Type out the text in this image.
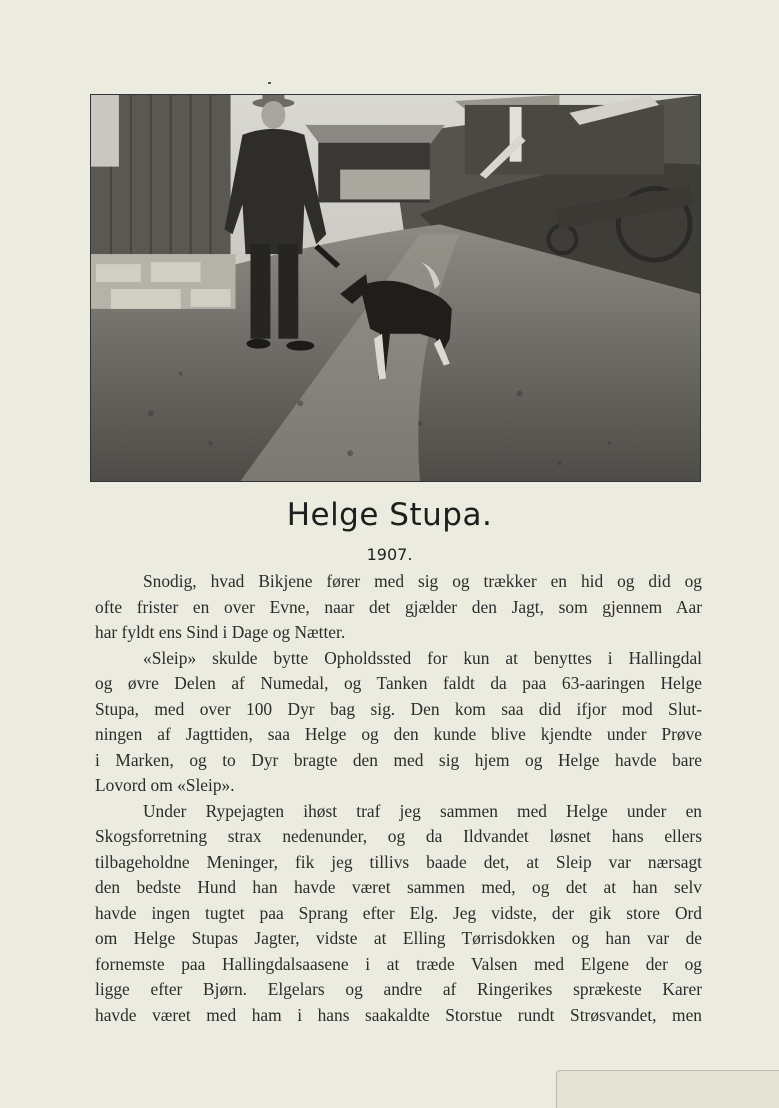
Helge Stupa.
1907.
Snodig, hvad Bikjene fører med sig og trækker en hid og did og
ofte frister en over Evne, naar det gjælder den Jagt, som gjennem Aar
har fyldt ens Sind i Dage og Nætter.
«Sleip» skulde bytte Opholdssted for kun at benyttes i Hallingdal
og øvre Delen af Numedal, og Tanken faldt da paa 63-aaringen Helge
Stupa, med over 100 Dyr bag sig. Den kom saa did ifjor mod Slut-
ningen af Jagttiden, saa Helge og den kunde blive kjendte under Prøve
i Marken, og to Dyr bragte den med sig hjem og Helge havde bare
Lovord om «Sleip».
Under Rypejagten ihøst traf jeg sammen med Helge under en
Skogsforretning strax nedenunder, og da Ildvandet løsnet hans ellers
tilbageholdne Meninger, fik jeg tillivs baade det, at Sleip var nærsagt
den bedste Hund han havde været sammen med, og det at han selv
havde ingen tugtet paa Sprang efter Elg. Jeg vidste, der gik store Ord
om Helge Stupas Jagter, vidste at Elling Tørrisdokken og han var de
fornemste paa Hallingdalsaasene i at træde Valsen med Elgene der og
ligge efter Bjørn. Elgelars og andre af Ringerikes sprækeste Karer
havde været med ham i hans saakaldte Storstue rundt Strøsvandet, men
